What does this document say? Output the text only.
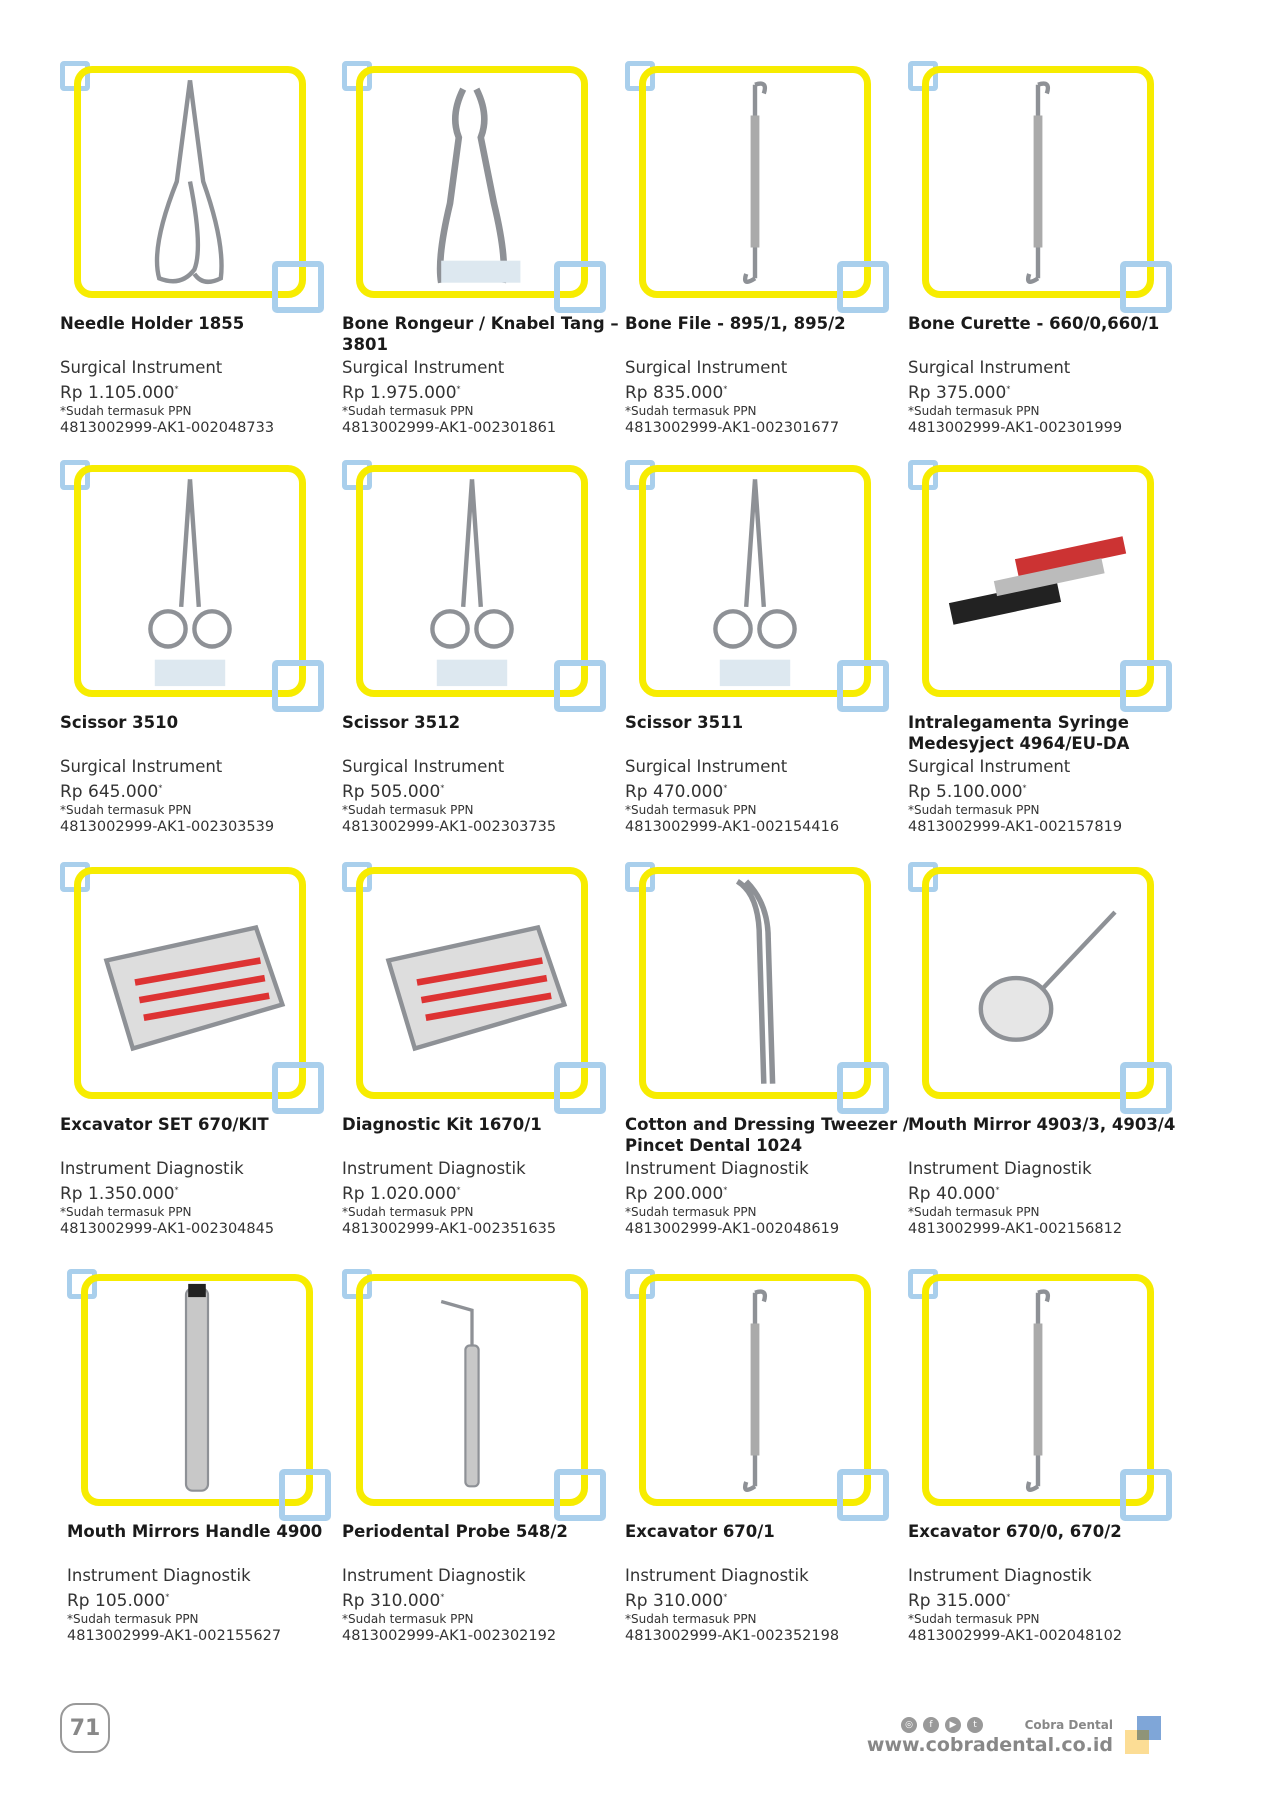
Needle Holder 1855
Surgical Instrument
Rp 1.105.000*
*Sudah termasuk PPN
4813002999-AK1-002048733
Bone Rongeur / Knabel Tang – 3801
Surgical Instrument
Rp 1.975.000*
*Sudah termasuk PPN
4813002999-AK1-002301861
Bone File - 895/1, 895/2
Surgical Instrument
Rp 835.000*
*Sudah termasuk PPN
4813002999-AK1-002301677
Bone Curette - 660/0,660/1
Surgical Instrument
Rp 375.000*
*Sudah termasuk PPN
4813002999-AK1-002301999
Scissor 3510
Surgical Instrument
Rp 645.000*
*Sudah termasuk PPN
4813002999-AK1-002303539
Scissor 3512
Surgical Instrument
Rp 505.000*
*Sudah termasuk PPN
4813002999-AK1-002303735
Scissor 3511
Surgical Instrument
Rp 470.000*
*Sudah termasuk PPN
4813002999-AK1-002154416
Intralegamenta Syringe Medesyject 4964/EU-DA
Surgical Instrument
Rp 5.100.000*
*Sudah termasuk PPN
4813002999-AK1-002157819
Excavator SET 670/KIT
Instrument Diagnostik
Rp 1.350.000*
*Sudah termasuk PPN
4813002999-AK1-002304845
Diagnostic Kit 1670/1
Instrument Diagnostik
Rp 1.020.000*
*Sudah termasuk PPN
4813002999-AK1-002351635
Cotton and Dressing Tweezer / Pincet Dental 1024
Instrument Diagnostik
Rp 200.000*
*Sudah termasuk PPN
4813002999-AK1-002048619
Mouth Mirror 4903/3, 4903/4
Instrument Diagnostik
Rp 40.000*
*Sudah termasuk PPN
4813002999-AK1-002156812
Mouth Mirrors Handle 4900
Instrument Diagnostik
Rp 105.000*
*Sudah termasuk PPN
4813002999-AK1-002155627
Periodental Probe 548/2
Instrument Diagnostik
Rp 310.000*
*Sudah termasuk PPN
4813002999-AK1-002302192
Excavator 670/1
Instrument Diagnostik
Rp 310.000*
*Sudah termasuk PPN
4813002999-AK1-002352198
Excavator 670/0, 670/2
Instrument Diagnostik
Rp 315.000*
*Sudah termasuk PPN
4813002999-AK1-002048102
71	◎	f	▶	t	Cobra Dental
www.cobradental.co.id
